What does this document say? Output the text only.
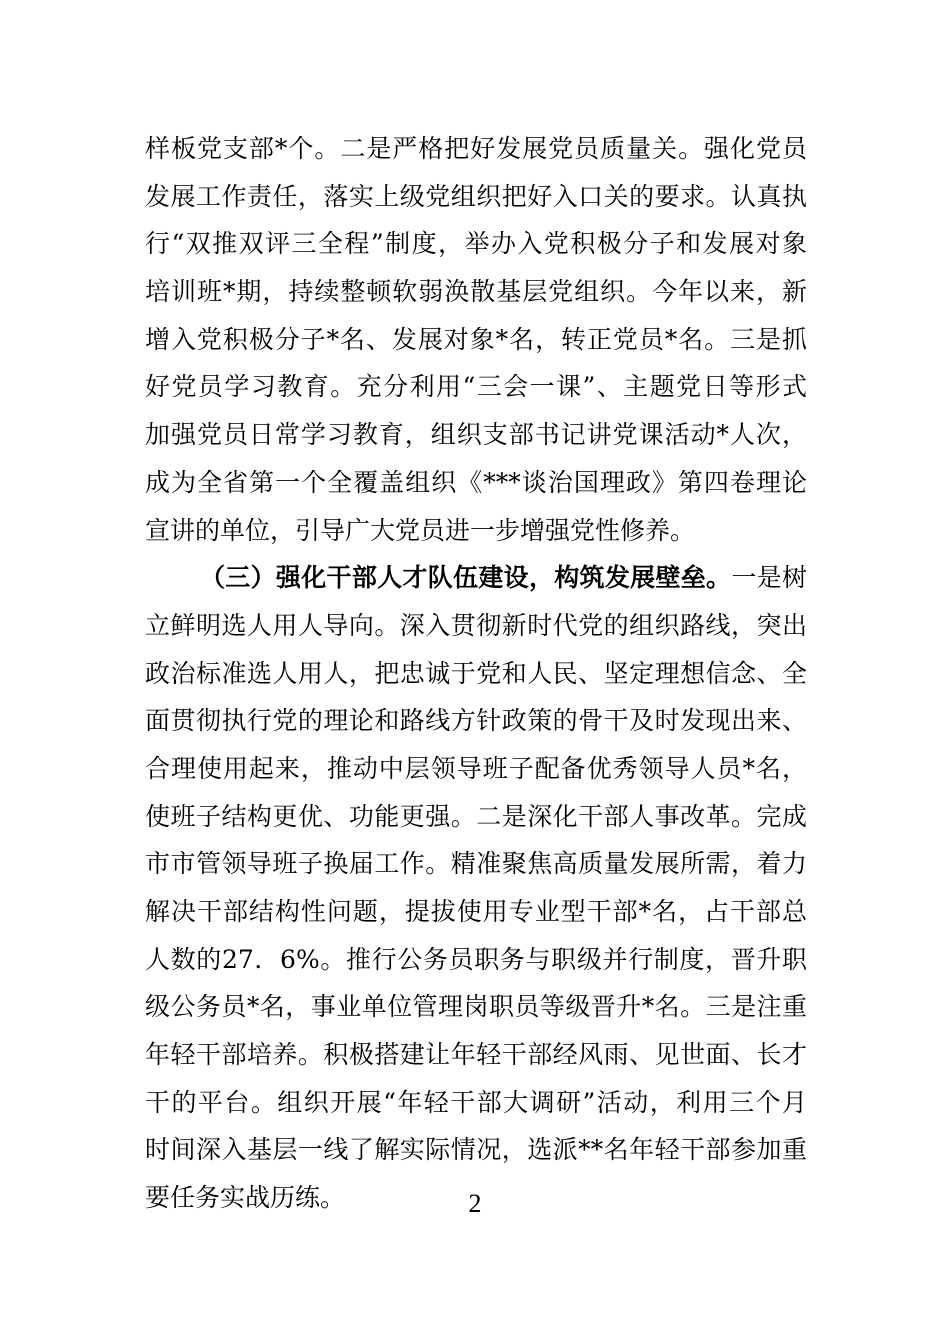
样板党支部*个。二是严格把好发展党员质量关。强化党员
发展工作责任，落实上级党组织把好入口关的要求。认真执
行“双推双评三全程”制度，举办入党积极分子和发展对象
培训班*期，持续整顿软弱涣散基层党组织。今年以来，新
增入党积极分子*名、发展对象*名，转正党员*名。三是抓
好党员学习教育。充分利用“三会一课”、主题党日等形式
加强党员日常学习教育，组织支部书记讲党课活动*人次，
成为全省第一个全覆盖组织《***谈治国理政》第四卷理论
宣讲的单位，引导广大党员进一步增强党性修养。
（三）强化干部人才队伍建设，构筑发展壁垒。一是树
立鲜明选人用人导向。深入贯彻新时代党的组织路线，突出
政治标准选人用人，把忠诚于党和人民、坚定理想信念、全
面贯彻执行党的理论和路线方针政策的骨干及时发现出来、
合理使用起来，推动中层领导班子配备优秀领导人员*名，
使班子结构更优、功能更强。二是深化干部人事改革。完成
市市管领导班子换届工作。精准聚焦高质量发展所需，着力
解决干部结构性问题，提拔使用专业型干部*名，占干部总
人数的27．6%。推行公务员职务与职级并行制度，晋升职
级公务员*名，事业单位管理岗职员等级晋升*名。三是注重
年轻干部培养。积极搭建让年轻干部经风雨、见世面、长才
干的平台。组织开展“年轻干部大调研”活动，利用三个月
时间深入基层一线了解实际情况，选派**名年轻干部参加重
要任务实战历练。	2
